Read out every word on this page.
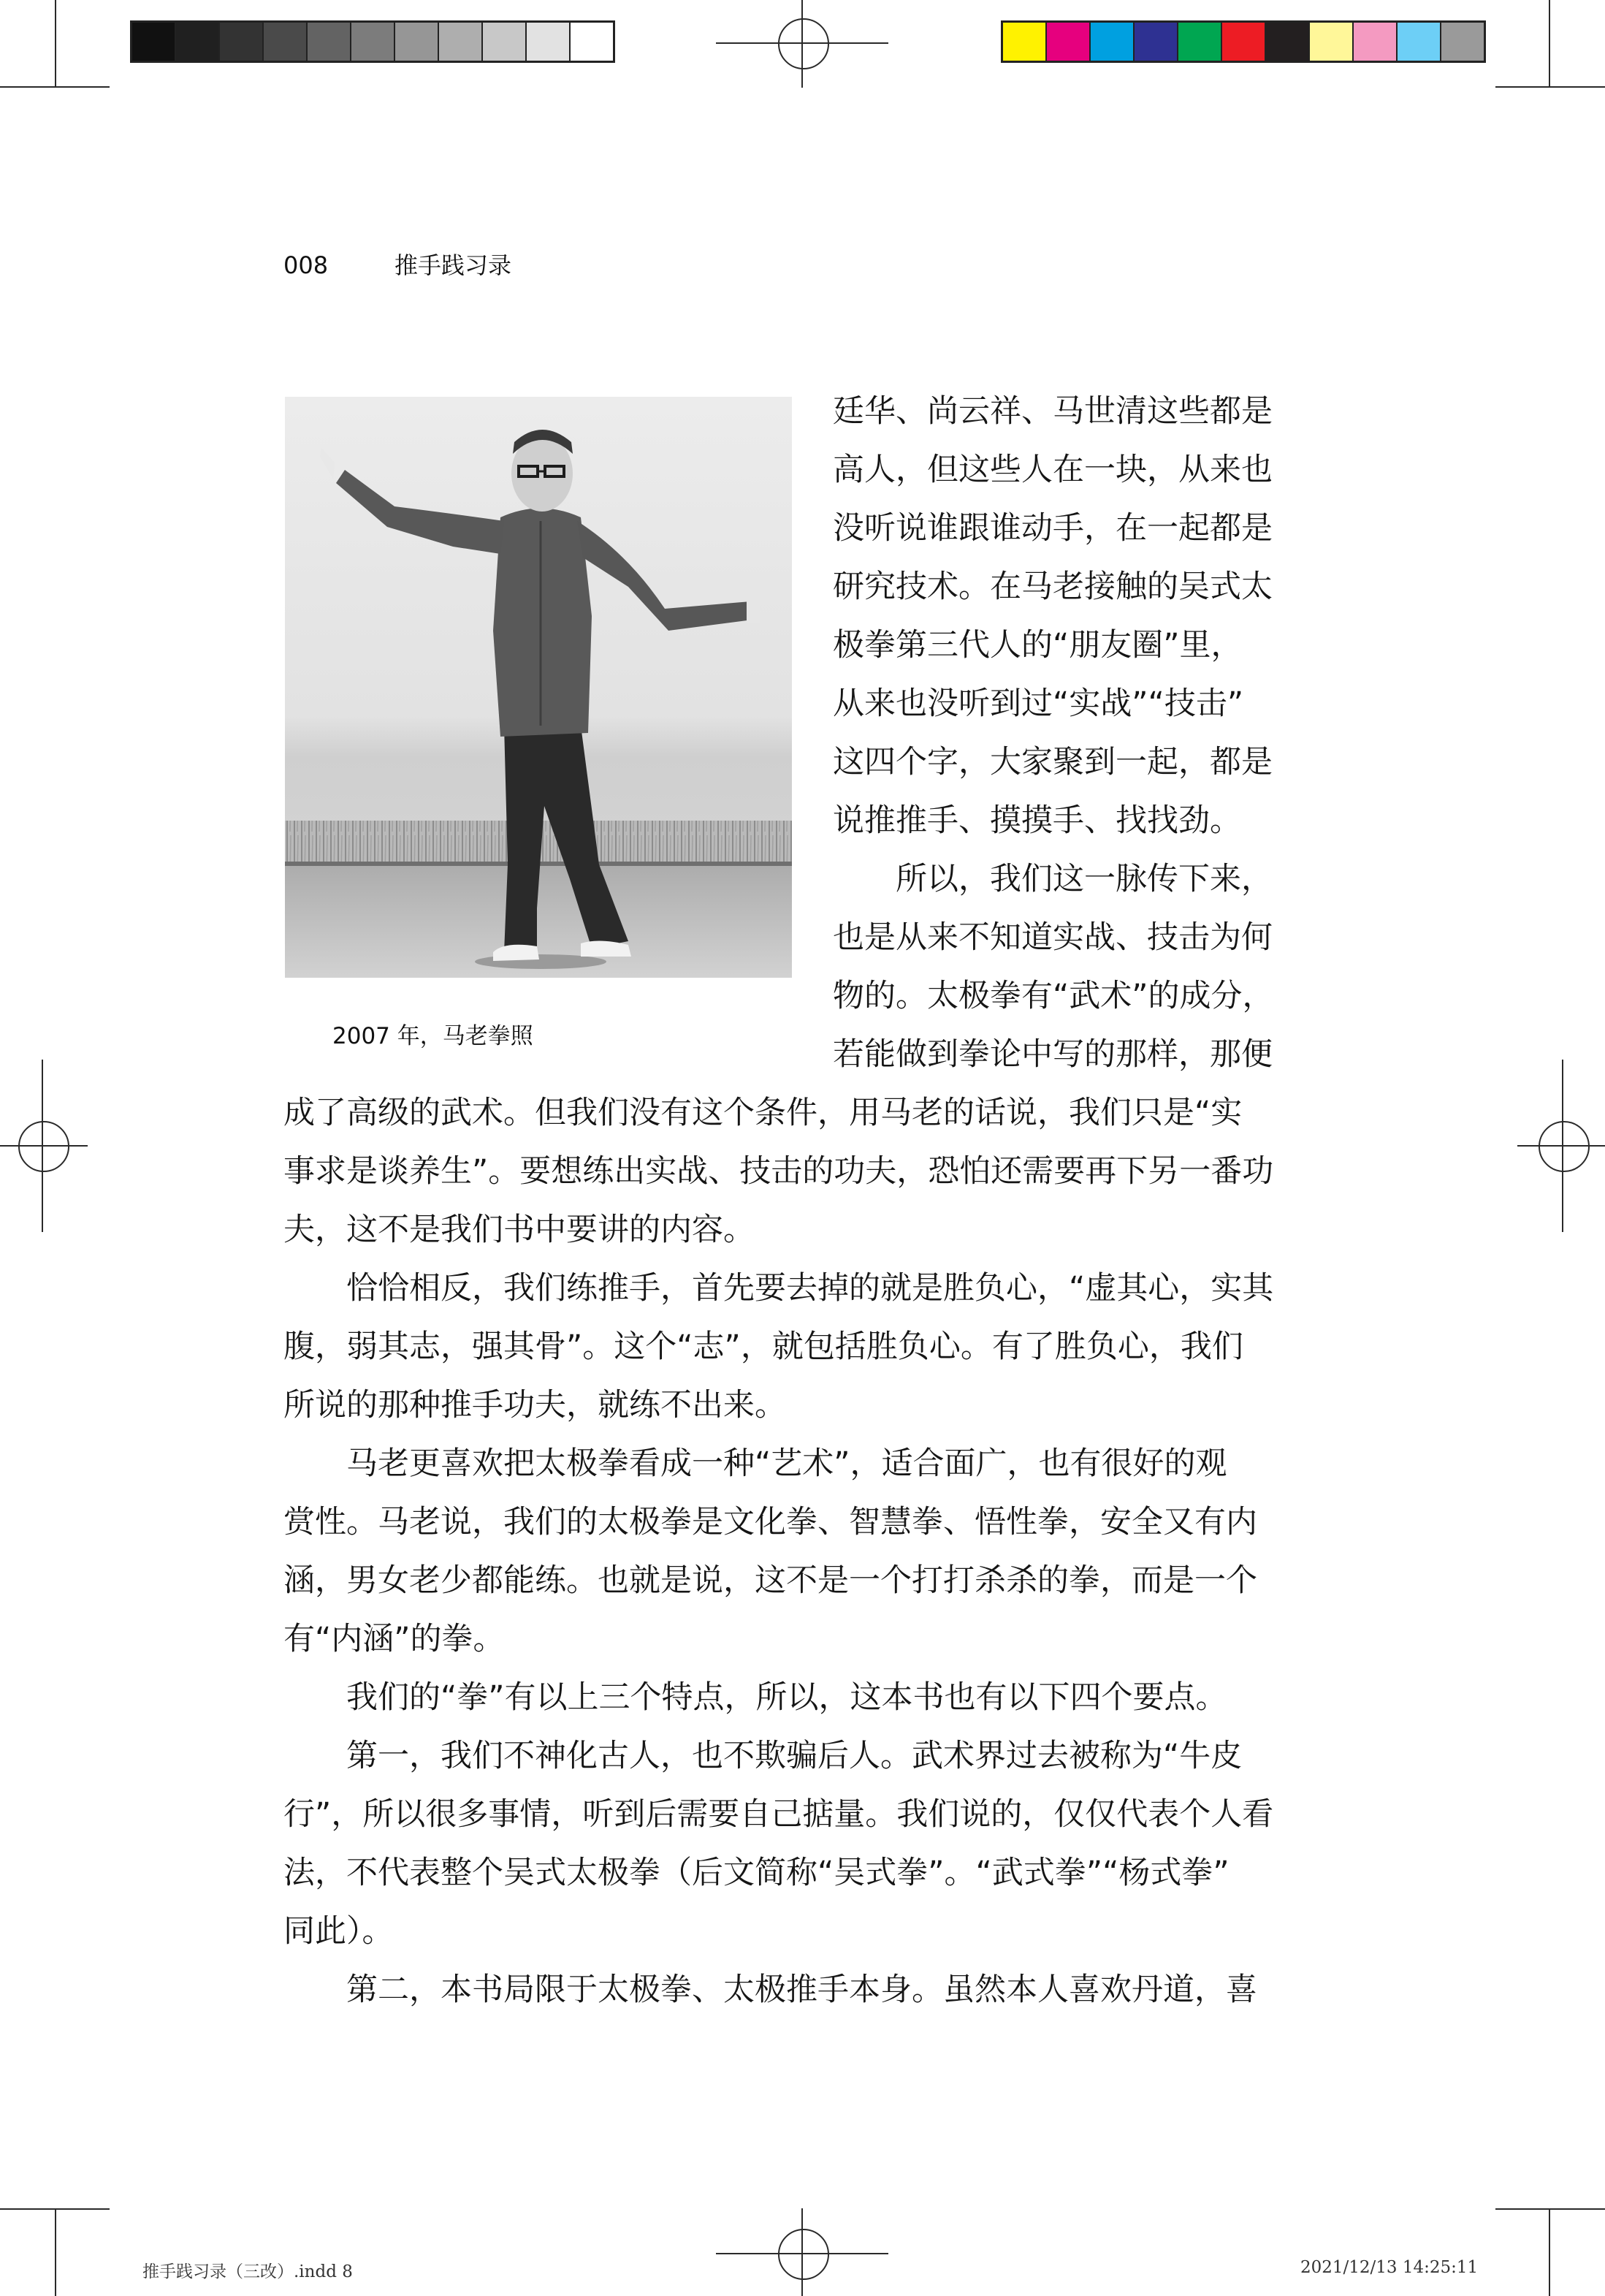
008	推手践习录
2007 年，马老拳照
廷华、尚云祥、马世清这些都是
高人，但这些人在一块，从来也
没听说谁跟谁动手，在一起都是
研究技术。在马老接触的吴式太
极拳第三代人的“朋友圈”里，
从来也没听到过“实战”“技击”
这四个字，大家聚到一起，都是
说推推手、摸摸手、找找劲。
　　所以，我们这一脉传下来，
也是从来不知道实战、技击为何
物的。太极拳有“武术”的成分，
若能做到拳论中写的那样，那便
成了高级的武术。但我们没有这个条件，用马老的话说，我们只是“实
事求是谈养生”。要想练出实战、技击的功夫，恐怕还需要再下另一番功
夫，这不是我们书中要讲的内容。
　　恰恰相反，我们练推手，首先要去掉的就是胜负心，“虚其心，实其
腹，弱其志，强其骨”。这个“志”，就包括胜负心。有了胜负心，我们
所说的那种推手功夫，就练不出来。
　　马老更喜欢把太极拳看成一种“艺术”，适合面广，也有很好的观
赏性。马老说，我们的太极拳是文化拳、智慧拳、悟性拳，安全又有内
涵，男女老少都能练。也就是说，这不是一个打打杀杀的拳，而是一个
有“内涵”的拳。
　　我们的“拳”有以上三个特点，所以，这本书也有以下四个要点。
　　第一，我们不神化古人，也不欺骗后人。武术界过去被称为“牛皮
行”，所以很多事情，听到后需要自己掂量。我们说的，仅仅代表个人看
法，不代表整个吴式太极拳（后文简称“吴式拳”。“武式拳”“杨式拳”
同此）。
　　第二，本书局限于太极拳、太极推手本身。虽然本人喜欢丹道，喜
推手践习录（三改）.indd 8	2021/12/13 14:25:11
